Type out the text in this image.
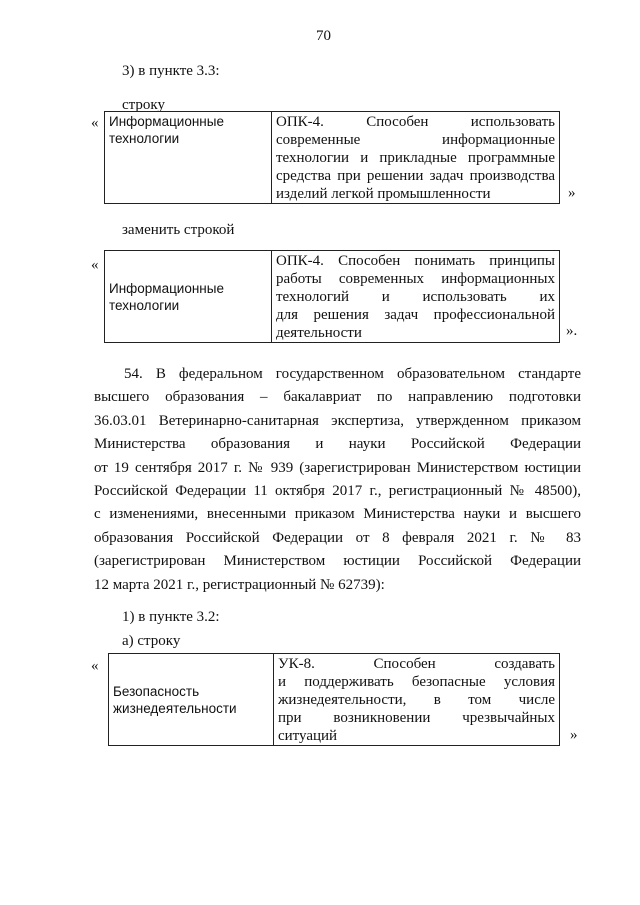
70
3) в пункте 3.3:
строку
« Информационные
технологии

ОПК-4. Способен использовать
современные информационные
технологии и прикладные программные
средства при решении задач производства
изделий легкой промышленности	»
заменить строкой
«
Информационные
технологии

ОПК-4. Способен понимать принципы
работы современных информационных
технологий и использовать их
для решения задач профессиональной
деятельности	».
54. В федеральном государственном образовательном стандарте
высшего образования – бакалавриат по направлению подготовки
36.03.01 Ветеринарно-санитарная экспертиза, утвержденном приказом
Министерства образования и науки Российской Федерации
от 19 сентября 2017 г. № 939 (зарегистрирован Министерством юстиции
Российской Федерации 11 октября 2017 г., регистрационный № 48500),
с изменениями, внесенными приказом Министерства науки и высшего
образования Российской Федерации от 8 февраля 2021 г. № 83
(зарегистрирован Министерством юстиции Российской Федерации
12 марта 2021 г., регистрационный № 62739):
1) в пункте 3.2:
а) строку
«
Безопасность
жизнедеятельности

УК-8. Способен создавать
и поддерживать безопасные условия
жизнедеятельности, в том числе
при возникновении чрезвычайных
ситуаций	»
